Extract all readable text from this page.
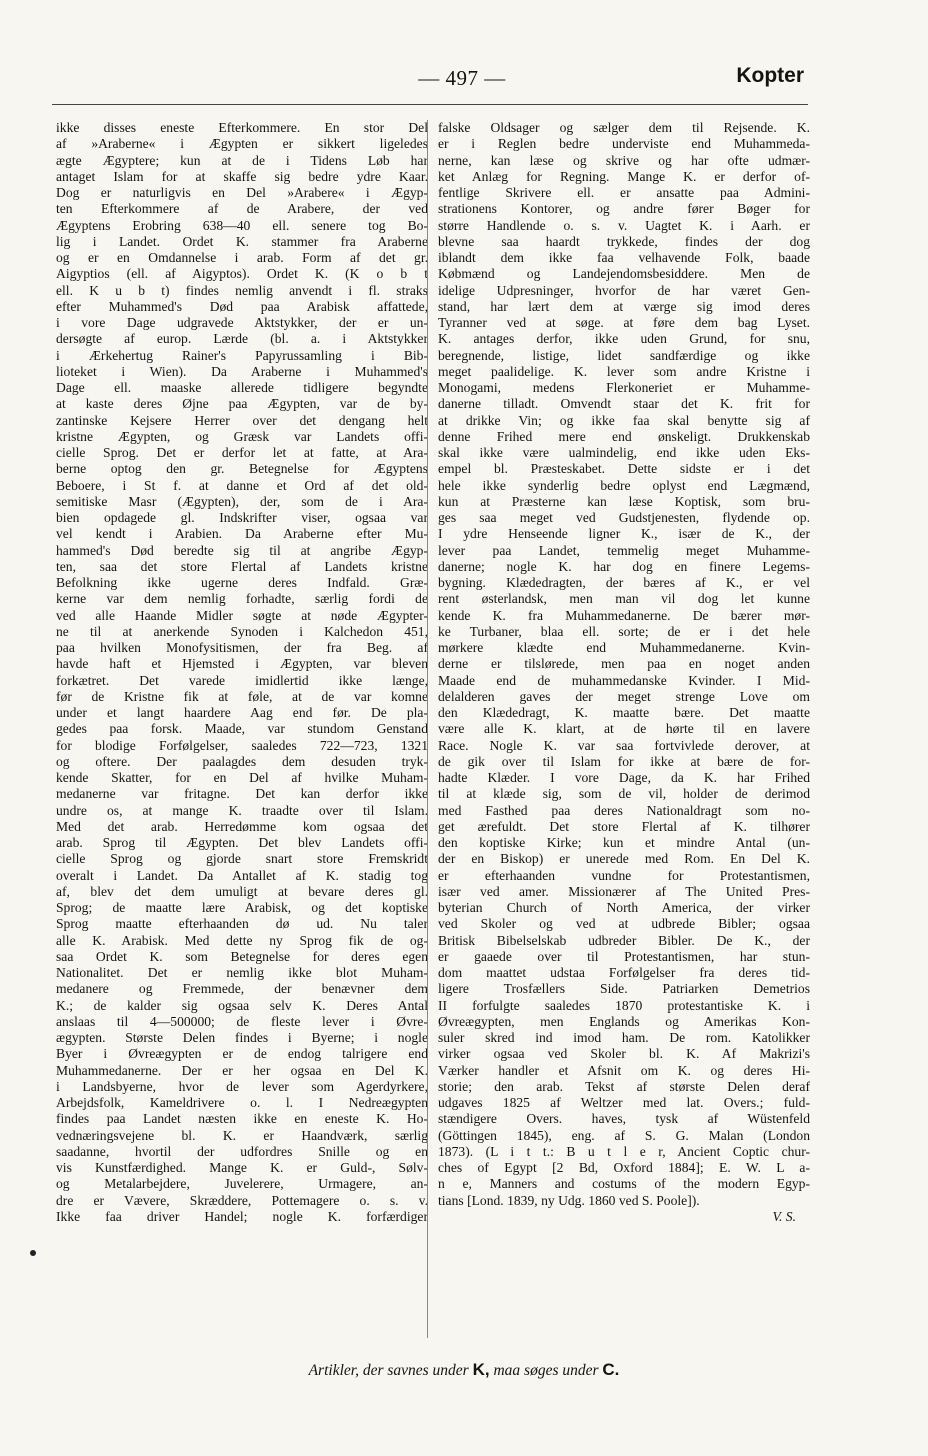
— 497 —	Kopter
ikke disses eneste Efterkommere. En stor Del
af »Araberne« i Ægypten er sikkert ligeledes
ægte Ægyptere; kun at de i Tidens Løb har
antaget Islam for at skaffe sig bedre ydre Kaar.
Dog er naturligvis en Del »Arabere« i Ægyp-
ten Efterkommere af de Arabere, der ved
Ægyptens Erobring 638—40 ell. senere tog Bo-
lig i Landet. Ordet K. stammer fra Araberne
og er en Omdannelse i arab. Form af det gr.
Aigyptios (ell. af Aigyptos). Ordet K. (K o b t
ell. K u b t) findes nemlig anvendt i fl. straks
efter Muhammed's Død paa Arabisk affattede,
i vore Dage udgravede Aktstykker, der er un-
dersøgte af europ. Lærde (bl. a. i Aktstykker
i Ærkehertug Rainer's Papyrussamling i Bib-
lioteket i Wien). Da Araberne i Muhammed's
Dage ell. maaske allerede tidligere begyndte
at kaste deres Øjne paa Ægypten, var de by-
zantinske Kejsere Herrer over det dengang helt
kristne Ægypten, og Græsk var Landets offi-
cielle Sprog. Det er derfor let at fatte, at Ara-
berne optog den gr. Betegnelse for Ægyptens
Beboere, i St f. at danne et Ord af det old-
semitiske Masr (Ægypten), der, som de i Ara-
bien opdagede gl. Indskrifter viser, ogsaa var
vel kendt i Arabien. Da Araberne efter Mu-
hammed's Død beredte sig til at angribe Ægyp-
ten, saa det store Flertal af Landets kristne
Befolkning ikke ugerne deres Indfald. Græ-
kerne var dem nemlig forhadte, særlig fordi de
ved alle Haande Midler søgte at nøde Ægypter-
ne til at anerkende Synoden i Kalchedon 451,
paa hvilken Monofysitismen, der fra Beg. af
havde haft et Hjemsted i Ægypten, var bleven
forkætret. Det varede imidlertid ikke længe,
før de Kristne fik at føle, at de var komne
under et langt haardere Aag end før. De pla-
gedes paa forsk. Maade, var stundom Genstand
for blodige Forfølgelser, saaledes 722—723, 1321
og oftere. Der paalagdes dem desuden tryk-
kende Skatter, for en Del af hvilke Muham-
medanerne var fritagne. Det kan derfor ikke
undre os, at mange K. traadte over til Islam.
Med det arab. Herredømme kom ogsaa det
arab. Sprog til Ægypten. Det blev Landets offi-
cielle Sprog og gjorde snart store Fremskridt
overalt i Landet. Da Antallet af K. stadig tog
af, blev det dem umuligt at bevare deres gl.
Sprog; de maatte lære Arabisk, og det koptiske
Sprog maatte efterhaanden dø ud. Nu taler
alle K. Arabisk. Med dette ny Sprog fik de og-
saa Ordet K. som Betegnelse for deres egen
Nationalitet. Det er nemlig ikke blot Muham-
medanere og Fremmede, der benævner dem
K.; de kalder sig ogsaa selv K. Deres Antal
anslaas til 4—500000; de fleste lever i Øvre-
ægypten. Største Delen findes i Byerne; i nogle
Byer i Øvreægypten er de endog talrigere end
Muhammedanerne. Der er her ogsaa en Del K.
i Landsbyerne, hvor de lever som Agerdyrkere,
Arbejdsfolk, Kameldrivere o. l. I Nedreægypten
findes paa Landet næsten ikke en eneste K. Ho-
vednæringsvejene bl. K. er Haandværk, særlig
saadanne, hvortil der udfordres Snille og en
vis Kunstfærdighed. Mange K. er Guld-, Sølv-
og Metalarbejdere, Juvelerere, Urmagere, an-
dre er Vævere, Skræddere, Pottemagere o. s. v.
Ikke faa driver Handel; nogle K. forfærdiger
falske Oldsager og sælger dem til Rejsende. K.
er i Reglen bedre underviste end Muhammeda-
nerne, kan læse og skrive og har ofte udmær-
ket Anlæg for Regning. Mange K. er derfor of-
fentlige Skrivere ell. er ansatte paa Admini-
strationens Kontorer, og andre fører Bøger for
større Handlende o. s. v. Uagtet K. i Aarh. er
blevne saa haardt trykkede, findes der dog
iblandt dem ikke faa velhavende Folk, baade
Købmænd og Landejendomsbesiddere. Men de
idelige Udpresninger, hvorfor de har været Gen-
stand, har lært dem at værge sig imod deres
Tyranner ved at søge. at føre dem bag Lyset.
K. antages derfor, ikke uden Grund, for snu,
beregnende, listige, lidet sandfærdige og ikke
meget paalidelige. K. lever som andre Kristne i
Monogami, medens Flerkoneriet er Muhamme-
danerne tilladt. Omvendt staar det K. frit for
at drikke Vin; og ikke faa skal benytte sig af
denne Frihed mere end ønskeligt. Drukkenskab
skal ikke være ualmindelig, end ikke uden Eks-
empel bl. Præsteskabet. Dette sidste er i det
hele ikke synderlig bedre oplyst end Lægmænd,
kun at Præsterne kan læse Koptisk, som bru-
ges saa meget ved Gudstjenesten, flydende op.
I ydre Henseende ligner K., især de K., der
lever paa Landet, temmelig meget Muhamme-
danerne; nogle K. har dog en finere Legems-
bygning. Klædedragten, der bæres af K., er vel
rent østerlandsk, men man vil dog let kunne
kende K. fra Muhammedanerne. De bærer mør-
ke Turbaner, blaa ell. sorte; de er i det hele
mørkere klædte end Muhammedanerne. Kvin-
derne er tilslørede, men paa en noget anden
Maade end de muhammedanske Kvinder. I Mid-
delalderen gaves der meget strenge Love om
den Klædedragt, K. maatte bære. Det maatte
være alle K. klart, at de hørte til en lavere
Race. Nogle K. var saa fortvivlede derover, at
de gik over til Islam for ikke at bære de for-
hadte Klæder. I vore Dage, da K. har Frihed
til at klæde sig, som de vil, holder de derimod
med Fasthed paa deres Nationaldragt som no-
get ærefuldt. Det store Flertal af K. tilhører
den koptiske Kirke; kun et mindre Antal (un-
der en Biskop) er unerede med Rom. En Del K.
er efterhaanden vundne for Protestantismen,
især ved amer. Missionærer af The United Pres-
byterian Church of North America, der virker
ved Skoler og ved at udbrede Bibler; ogsaa
Britisk Bibelselskab udbreder Bibler. De K., der
er gaaede over til Protestantismen, har stun-
dom maattet udstaa Forfølgelser fra deres tid-
ligere Trosfællers Side. Patriarken Demetrios
II forfulgte saaledes 1870 protestantiske K. i
Øvreægypten, men Englands og Amerikas Kon-
suler skred ind imod ham. De rom. Katolikker
virker ogsaa ved Skoler bl. K. Af Makrizi's
Værker handler et Afsnit om K. og deres Hi-
storie; den arab. Tekst af største Delen deraf
udgaves 1825 af Weltzer med lat. Overs.; fuld-
stændigere Overs. haves, tysk af Wüstenfeld
(Göttingen 1845), eng. af S. G. Malan (London
1873). (L i t t.: B u t l e r, Ancient Coptic chur-
ches of Egypt [2 Bd, Oxford 1884]; E. W. L a-
n e, Manners and costums of the modern Egyp-
tians [Lond. 1839, ny Udg. 1860 ved S. Poole]).
V. S.
Artikler, der savnes under K, maa søges under C.
